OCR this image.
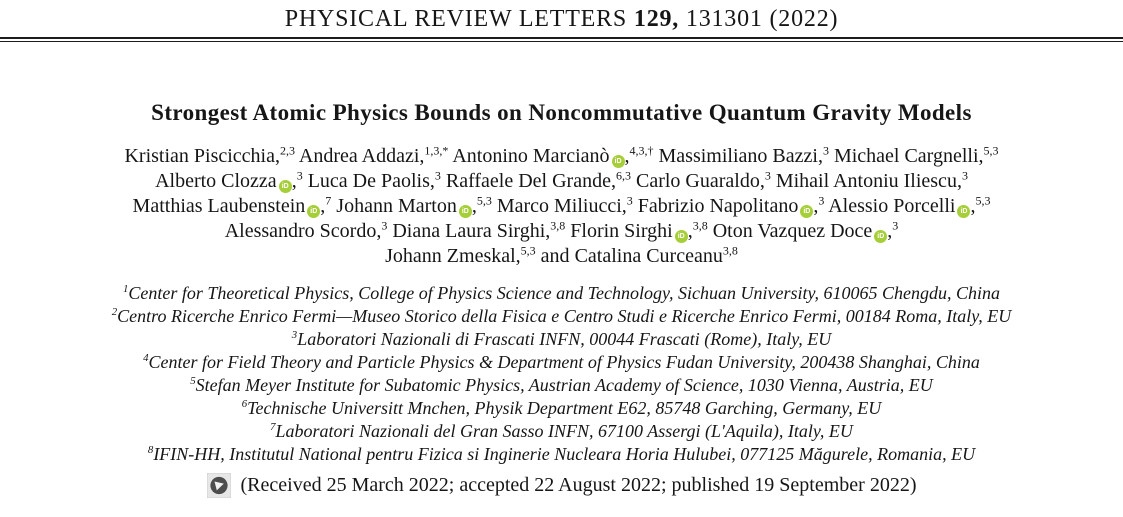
PHYSICAL REVIEW LETTERS 129, 131301 (2022)
Strongest Atomic Physics Bounds on Noncommutative Quantum Gravity Models
Kristian Piscicchia,$^{2,3}$ Andrea Addazi,$^{1,3,*}$ Antonino Marcianò iD ,$^{4,3,\dagger}$ Massimiliano Bazzi,$^3$ Michael Cargnelli,$^{5,3}$
Alberto Clozza iD ,$^3$ Luca De Paolis,$^3$ Raffaele Del Grande,$^{6,3}$ Carlo Guaraldo,$^3$ Mihail Antoniu Iliescu,$^3$
Matthias Laubenstein iD ,$^7$ Johann Marton iD ,$^{5,3}$ Marco Miliucci,$^3$ Fabrizio Napolitano iD ,$^3$ Alessio Porcelli iD ,$^{5,3}$
Alessandro Scordo,$^3$ Diana Laura Sirghi,$^{3,8}$ Florin Sirghi iD ,$^{3,8}$ Oton Vazquez Doce iD ,$^3$
Johann Zmeskal,$^{5,3}$ and Catalina Curceanu$^{3,8}$
$^1$Center for Theoretical Physics, College of Physics Science and Technology, Sichuan University, 610065 Chengdu, China
$^2$Centro Ricerche Enrico Fermi—Museo Storico della Fisica e Centro Studi e Ricerche Enrico Fermi, 00184 Roma, Italy, EU
$^3$Laboratori Nazionali di Frascati INFN, 00044 Frascati (Rome), Italy, EU
$^4$Center for Field Theory and Particle Physics & Department of Physics Fudan University, 200438 Shanghai, China
$^5$Stefan Meyer Institute for Subatomic Physics, Austrian Academy of Science, 1030 Vienna, Austria, EU
$^6$Technische Universitt Mnchen, Physik Department E62, 85748 Garching, Germany, EU
$^7$Laboratori Nazionali del Gran Sasso INFN, 67100 Assergi (L'Aquila), Italy, EU
$^8$IFIN-HH, Institutul National pentru Fizica si Inginerie Nucleara Horia Hulubei, 077125 Măgurele, Romania, EU
(Received 25 March 2022; accepted 22 August 2022; published 19 September 2022)
